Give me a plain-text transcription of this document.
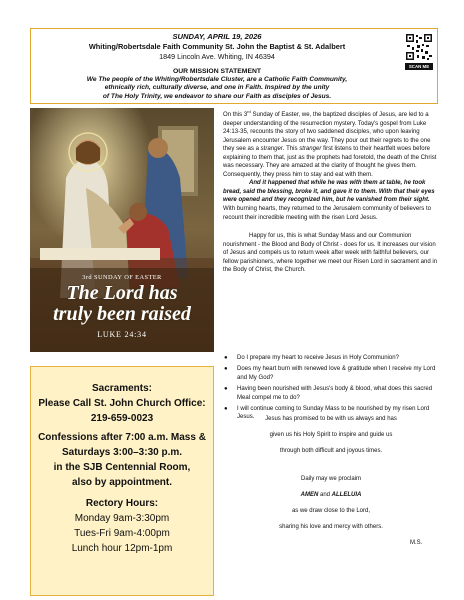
SUNDAY, APRIL 19, 2026
Whiting/Robertsdale Faith Community St. John the Baptist & St. Adalbert
1849 Lincoln Ave. Whiting, IN 46394
OUR MISSION STATEMENT
We The people of the Whiting/Robertsdale Cluster, are a Catholic Faith Community,
ethnically rich, culturally diverse, and one in Faith. Inspired by the unity
of The Holy Trinity, we endeavor to share our Faith as disciples of Jesus.
SCAN ME
3rd SUNDAY OF EASTER
The Lord has
truly been raised
LUKE 24:34
Sacraments:
Please Call St. John Church Office:
219-659-0023
Confessions after 7:00 a.m. Mass &
Saturdays 3:00–3:30 p.m.
in the SJB Centennial Room,
also by appointment.
Rectory Hours:
Monday 9am-3:30pm
Tues-Fri 9am-4:00pm
Lunch hour 12pm-1pm

On this 3rd Sunday of Easter, we, the baptized disciples of Jesus, are led to a deeper understanding of the resurrection mystery. Today's gospel from Luke 24:13-35, recounts the story of two saddened disciples, who upon leaving Jerusalem encounter Jesus on the way. They pour out their regrets to the one they see as a stranger. This stranger first listens to their heartfelt woes before explaining to them that, just as the prophets had foretold, the death of the Christ was necessary. They are amazed at the clarity of thought he gives them. Consequently, they press him to stay and eat with them.

And it happened that while he was with them at table, he took bread, said the blessing, broke it, and gave it to them. With that their eyes were opened and they recognized him, but he vanished from their sight. With burning hearts, they returned to the Jerusalem community of believers to recount their incredible meeting with the risen Lord Jesus.

Happy for us, this is what Sunday Mass and our Communion nourishment - the Blood and Body of Christ - does for us. It increases our vision of Jesus and compels us to return week after week with faithful believers, our fellow parishioners, where together we meet our Risen Lord in sacrament and in the Body of Christ, the Church.

● Do I prepare my heart to receive Jesus in Holy Communion?
● Does my heart burn with renewed love & gratitude when I receive my Lord and My God?
● Having been nourished with Jesus's body & blood, what does this sacred Meal compel me to do?
● I will continue coming to Sunday Mass to be nourished by my risen Lord Jesus.	Jesus has promised to be with us always and has
given us his Holy Spirit to inspire and guide us
through both difficult and joyous times.
Daily may we proclaim
AMEN and ALLELUIA
as we draw close to the Lord,
sharing his love and mercy with others.
M.S.
